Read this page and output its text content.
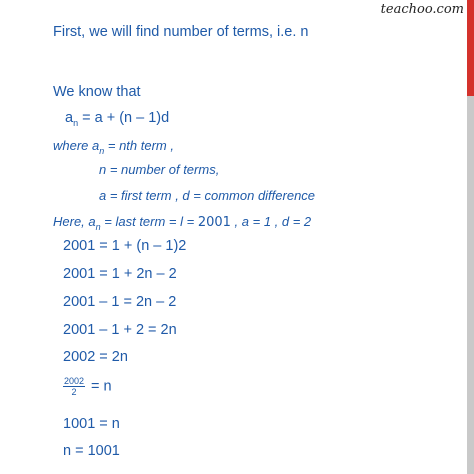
teachoo.com
First, we will find number of terms, i.e. n
We know that
$a_n = a + (n - 1)d$
where $a_n$ = nth term ,
n = number of terms,
a = first term , d = common difference
Here, $a_n$ = last term = l = 2001 , a = 1 , d = 2
2001 = 1 + (n – 1)2
2001 = 1 + 2n – 2
2001 – 1 = 2n – 2
2001 – 1 + 2 = 2n
2002 = 2n
$\frac{2002}{2} = n$
1001 = n
n = 1001
